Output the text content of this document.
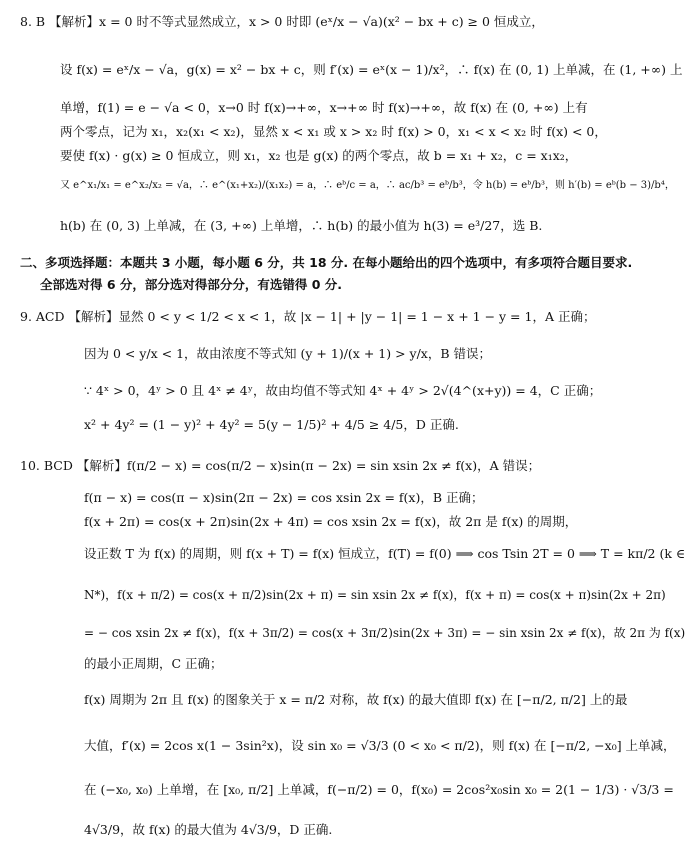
8. B 【解析】x = 0 时不等式显然成立，x > 0 时即 (eˣ/x − √a)(x² − bx + c) ≥ 0 恒成立，
设 f(x) = eˣ/x − √a，g(x) = x² − bx + c，则 f′(x) = eˣ(x − 1)/x²，∴ f(x) 在 (0, 1) 上单减，在 (1, +∞) 上
单增，f(1) = e − √a < 0，x→0 时 f(x)→+∞，x→+∞ 时 f(x)→+∞，故 f(x) 在 (0, +∞) 上有
两个零点，记为 x₁，x₂(x₁ < x₂)，显然 x < x₁ 或 x > x₂ 时 f(x) > 0，x₁ < x < x₂ 时 f(x) < 0，
要使 f(x) · g(x) ≥ 0 恒成立，则 x₁，x₂ 也是 g(x) 的两个零点，故 b = x₁ + x₂，c = x₁x₂，
又 e^x₁/x₁ = e^x₂/x₂ = √a，∴ e^(x₁+x₂)/(x₁x₂) = a，∴ eᵇ/c = a，∴ ac/b³ = eᵇ/b³，令 h(b) = eᵇ/b³，则 h′(b) = eᵇ(b − 3)/b⁴，
h(b) 在 (0, 3) 上单减，在 (3, +∞) 上单增，∴ h(b) 的最小值为 h(3) = e³/27，选 B.
二、多项选择题：本题共 3 小题，每小题 6 分，共 18 分. 在每小题给出的四个选项中，有多项符合题目要求.
全部选对得 6 分，部分选对得部分分，有选错得 0 分.
9. ACD 【解析】显然 0 < y < 1/2 < x < 1，故 |x − 1| + |y − 1| = 1 − x + 1 − y = 1，A 正确；
因为 0 < y/x < 1，故由浓度不等式知 (y + 1)/(x + 1) > y/x，B 错误；
∵ 4ˣ > 0，4ʸ > 0 且 4ˣ ≠ 4ʸ，故由均值不等式知 4ˣ + 4ʸ > 2√(4^(x+y)) = 4，C 正确；
x² + 4y² = (1 − y)² + 4y² = 5(y − 1/5)² + 4/5 ≥ 4/5，D 正确.
10. BCD 【解析】f(π/2 − x) = cos(π/2 − x)sin(π − 2x) = sin xsin 2x ≠ f(x)，A 错误；
f(π − x) = cos(π − x)sin(2π − 2x) = cos xsin 2x = f(x)，B 正确；
f(x + 2π) = cos(x + 2π)sin(2x + 4π) = cos xsin 2x = f(x)，故 2π 是 f(x) 的周期，
设正数 T 为 f(x) 的周期，则 f(x + T) = f(x) 恒成立，f(T) = f(0) ⟹ cos Tsin 2T = 0 ⟹ T = kπ/2 (k ∈
N*)，f(x + π/2) = cos(x + π/2)sin(2x + π) = sin xsin 2x ≠ f(x)，f(x + π) = cos(x + π)sin(2x + 2π)
= − cos xsin 2x ≠ f(x)，f(x + 3π/2) = cos(x + 3π/2)sin(2x + 3π) = − sin xsin 2x ≠ f(x)，故 2π 为 f(x)
的最小正周期，C 正确；
f(x) 周期为 2π 且 f(x) 的图象关于 x = π/2 对称，故 f(x) 的最大值即 f(x) 在 [−π/2, π/2] 上的最
大值，f′(x) = 2cos x(1 − 3sin²x)，设 sin x₀ = √3/3 (0 < x₀ < π/2)，则 f(x) 在 [−π/2, −x₀] 上单减，
在 (−x₀, x₀) 上单增，在 [x₀, π/2] 上单减，f(−π/2) = 0，f(x₀) = 2cos²x₀sin x₀ = 2(1 − 1/3) · √3/3 =
4√3/9，故 f(x) 的最大值为 4√3/9，D 正确.
